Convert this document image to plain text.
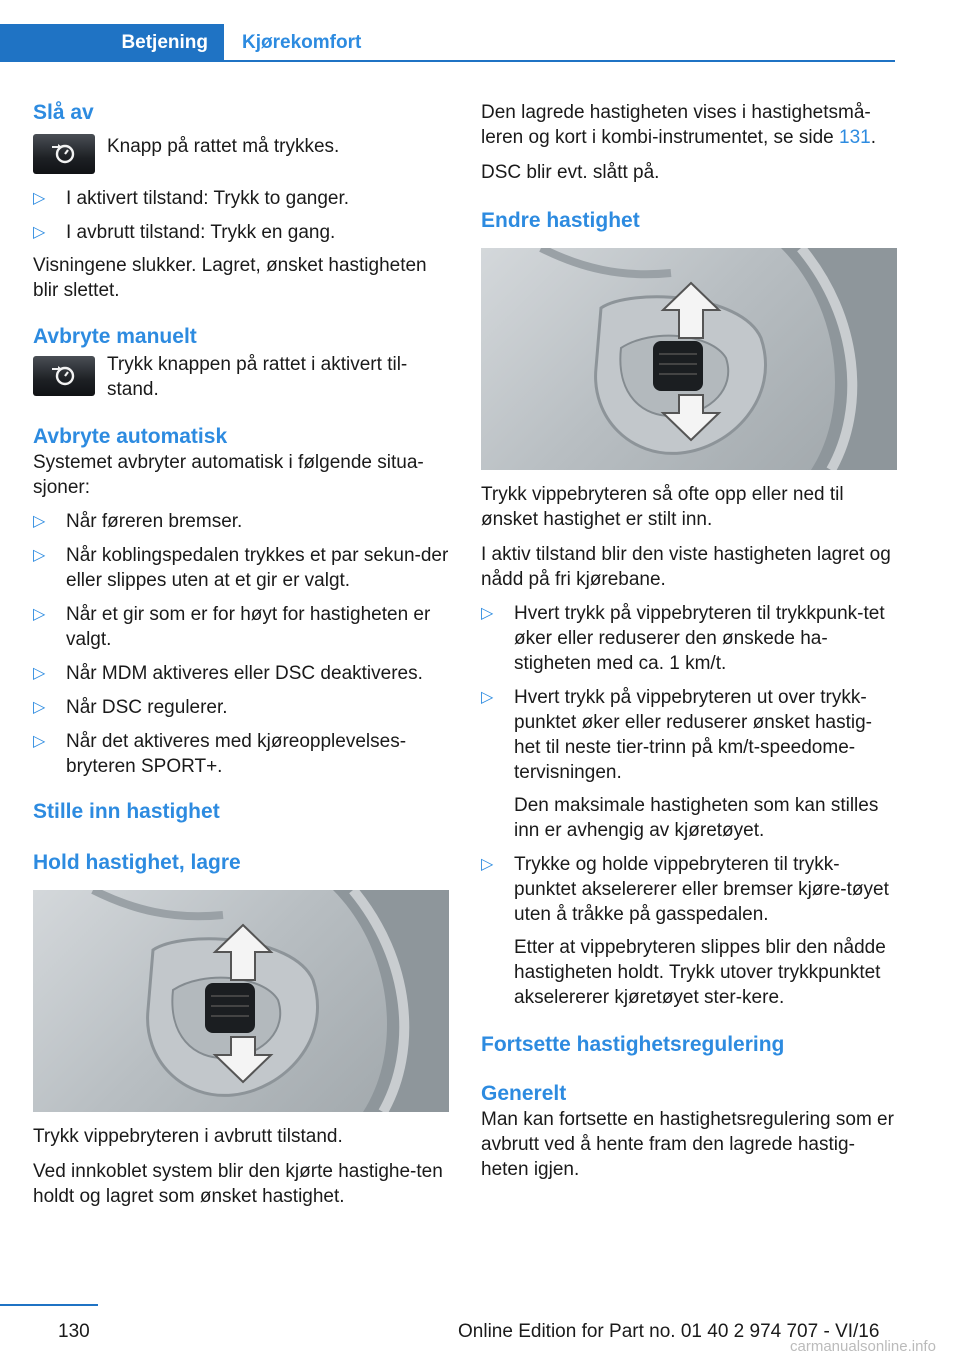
Betjening	Kjørekomfort
Slå av

Knapp på rattet må trykkes.

▷ I aktivert tilstand: Trykk to ganger.
▷ I avbrutt tilstand: Trykk en gang.

Visningene slukker. Lagret, ønsket hastigheten blir slettet.

Avbryte manuelt

Trykk knappen på rattet i aktivert til-stand.

Avbryte automatisk

Systemet avbryter automatisk i følgende situa-sjoner:

▷ Når føreren bremser.
▷ Når koblingspedalen trykkes et par sekun-der eller slippes uten at et gir er valgt.
▷ Når et gir som er for høyt for hastigheten er valgt.
▷ Når MDM aktiveres eller DSC deaktiveres.
▷ Når DSC regulerer.
▷ Når det aktiveres med kjøreopplevelses-bryteren SPORT+.
Stille inn hastighet
Hold hastighet, lagre

Trykk vippebryteren i avbrutt tilstand.

Ved innkoblet system blir den kjørte hastighe-ten holdt og lagret som ønsket hastighet.

Den lagrede hastigheten vises i hastighetsmå-leren og kort i kombi-instrumentet, se side 131.

DSC blir evt. slått på.

Endre hastighet

Trykk vippebryteren så ofte opp eller ned til ønsket hastighet er stilt inn.

I aktiv tilstand blir den viste hastigheten lagret og nådd på fri kjørebane.

▷ Hvert trykk på vippebryteren til trykkpunk-tet øker eller reduserer den ønskede ha-stigheten med ca. 1 km/t.
▷ Hvert trykk på vippebryteren ut over trykk-punktet øker eller reduserer ønsket hastig-het til neste tier-trinn på km/t-speedome-tervisningen.

Den maksimale hastigheten som kan stilles inn er avhengig av kjøretøyet.

▷ Trykke og holde vippebryteren til trykk-punktet akselererer eller bremser kjøre-tøyet uten å tråkke på gasspedalen.

Etter at vippebryteren slippes blir den nådde hastigheten holdt. Trykk utover trykkpunktet akselererer kjøretøyet ster-kere.

Fortsette hastighetsregulering
Generelt

Man kan fortsette en hastighetsregulering som er avbrutt ved å hente fram den lagrede hastig-heten igjen.

130	Online Edition for Part no. 01 40 2 974 707 - VI/16
carmanualsonline.info
